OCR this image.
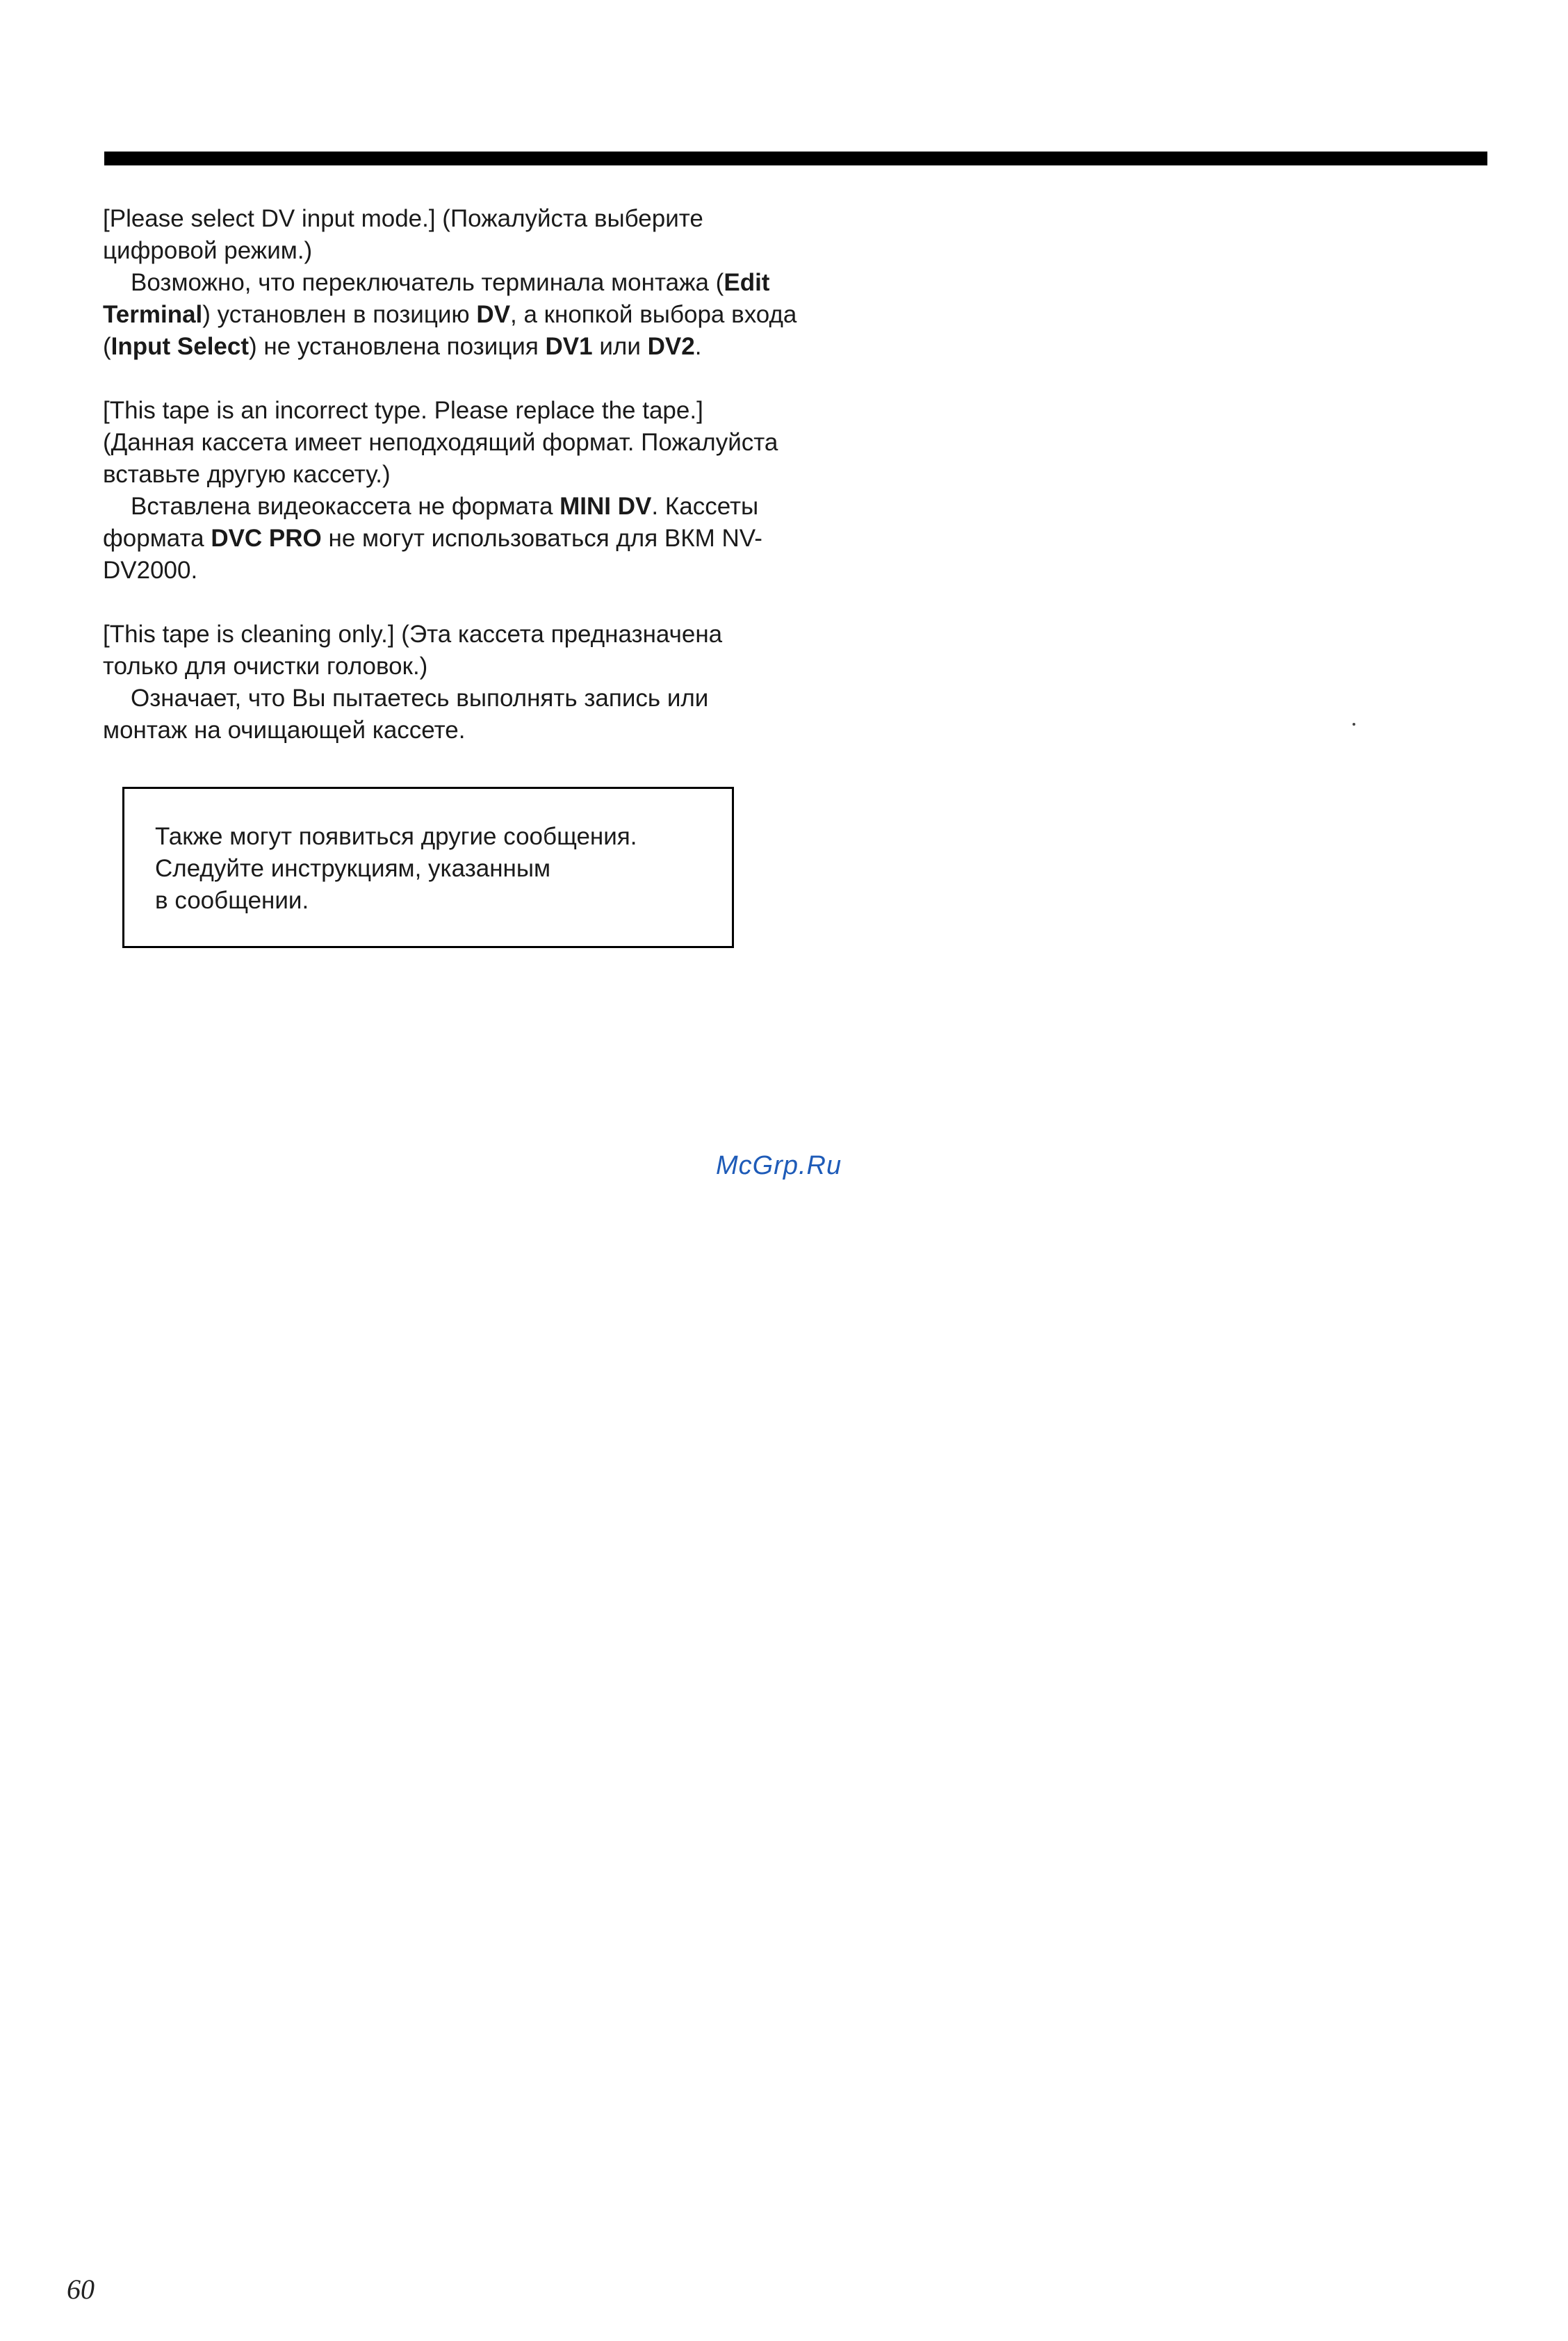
[Please select DV input mode.] (Пожалуйста выберите цифровой режим.)

Возможно, что переключатель терминала монтажа (Edit Terminal) установлен в позицию DV, а кнопкой выбора входа (Input Select) не установлена позиция DV1 или DV2.

[This tape is an incorrect type. Please replace the tape.] (Данная кассета имеет неподходящий формат. Пожалуйста вставьте другую кассету.)

Вставлена видеокассета не формата MINI DV. Кассеты формата DVC PRO не могут использоваться для ВКМ NV-DV2000.

[This tape is cleaning only.] (Эта кассета предназначена только для очистки головок.)

Означает, что Вы пытаетесь выполнять запись или монтаж на очищающей кассете.

Также могут появиться другие сообщения.

Следуйте инструкциям, указанным

в сообщении.

McGrp.Ru
60
